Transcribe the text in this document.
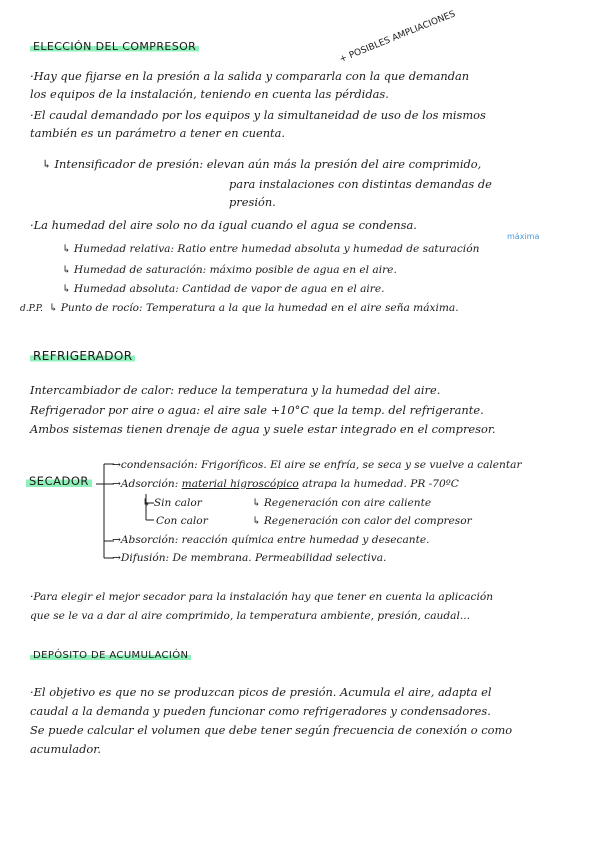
ELECCIÓN DEL COMPRESOR	+ POSIBLES AMPLIACIONES
·Hay que fijarse en la presión a la salida y compararla con la que demandan
los equipos de la instalación, teniendo en cuenta las pérdidas.
·El caudal demandado por los equipos y la simultaneidad de uso de los mismos
también es un parámetro a tener en cuenta.
↳ Intensificador de presión: elevan aún más la presión del aire comprimido,
para instalaciones con distintas demandas de
presión.
·La humedad del aire solo no da igual cuando el agua se condensa.
máxima
↳ Humedad relativa: Ratio entre humedad absoluta y humedad de saturación
↳ Humedad de saturación: máximo posible de agua en el aire.
↳ Humedad absoluta: Cantidad de vapor de agua en el aire.
d.P.P. ↳ Punto de rocío: Temperatura a la que la humedad en el aire seña máxima.
REFRIGERADOR
Intercambiador de calor: reduce la temperatura y la humedad del aire.
Refrigerador por aire o agua: el aire sale +10°C que la temp. del refrigerante.
Ambos sistemas tienen drenaje de agua y suele estar integrado en el compresor.
SECADOR
→condensación: Frigoríficos. El aire se enfría, se seca y se vuelve a calentar
→Adsorción: material higroscópico atrapa la humedad. PR -70ºC
↳ Sin calor	↳ Regeneración con aire caliente
Con calor	↳ Regeneración con calor del compresor
→Absorción: reacción química entre humedad y desecante.
→Difusión: De membrana. Permeabilidad selectiva.
·Para elegir el mejor secador para la instalación hay que tener en cuenta la aplicación
que se le va a dar al aire comprimido, la temperatura ambiente, presión, caudal...
DEPÓSITO DE ACUMULACIÓN
·El objetivo es que no se produzcan picos de presión. Acumula el aire, adapta el
caudal a la demanda y pueden funcionar como refrigeradores y condensadores.
Se puede calcular el volumen que debe tener según frecuencia de conexión o como
acumulador.
